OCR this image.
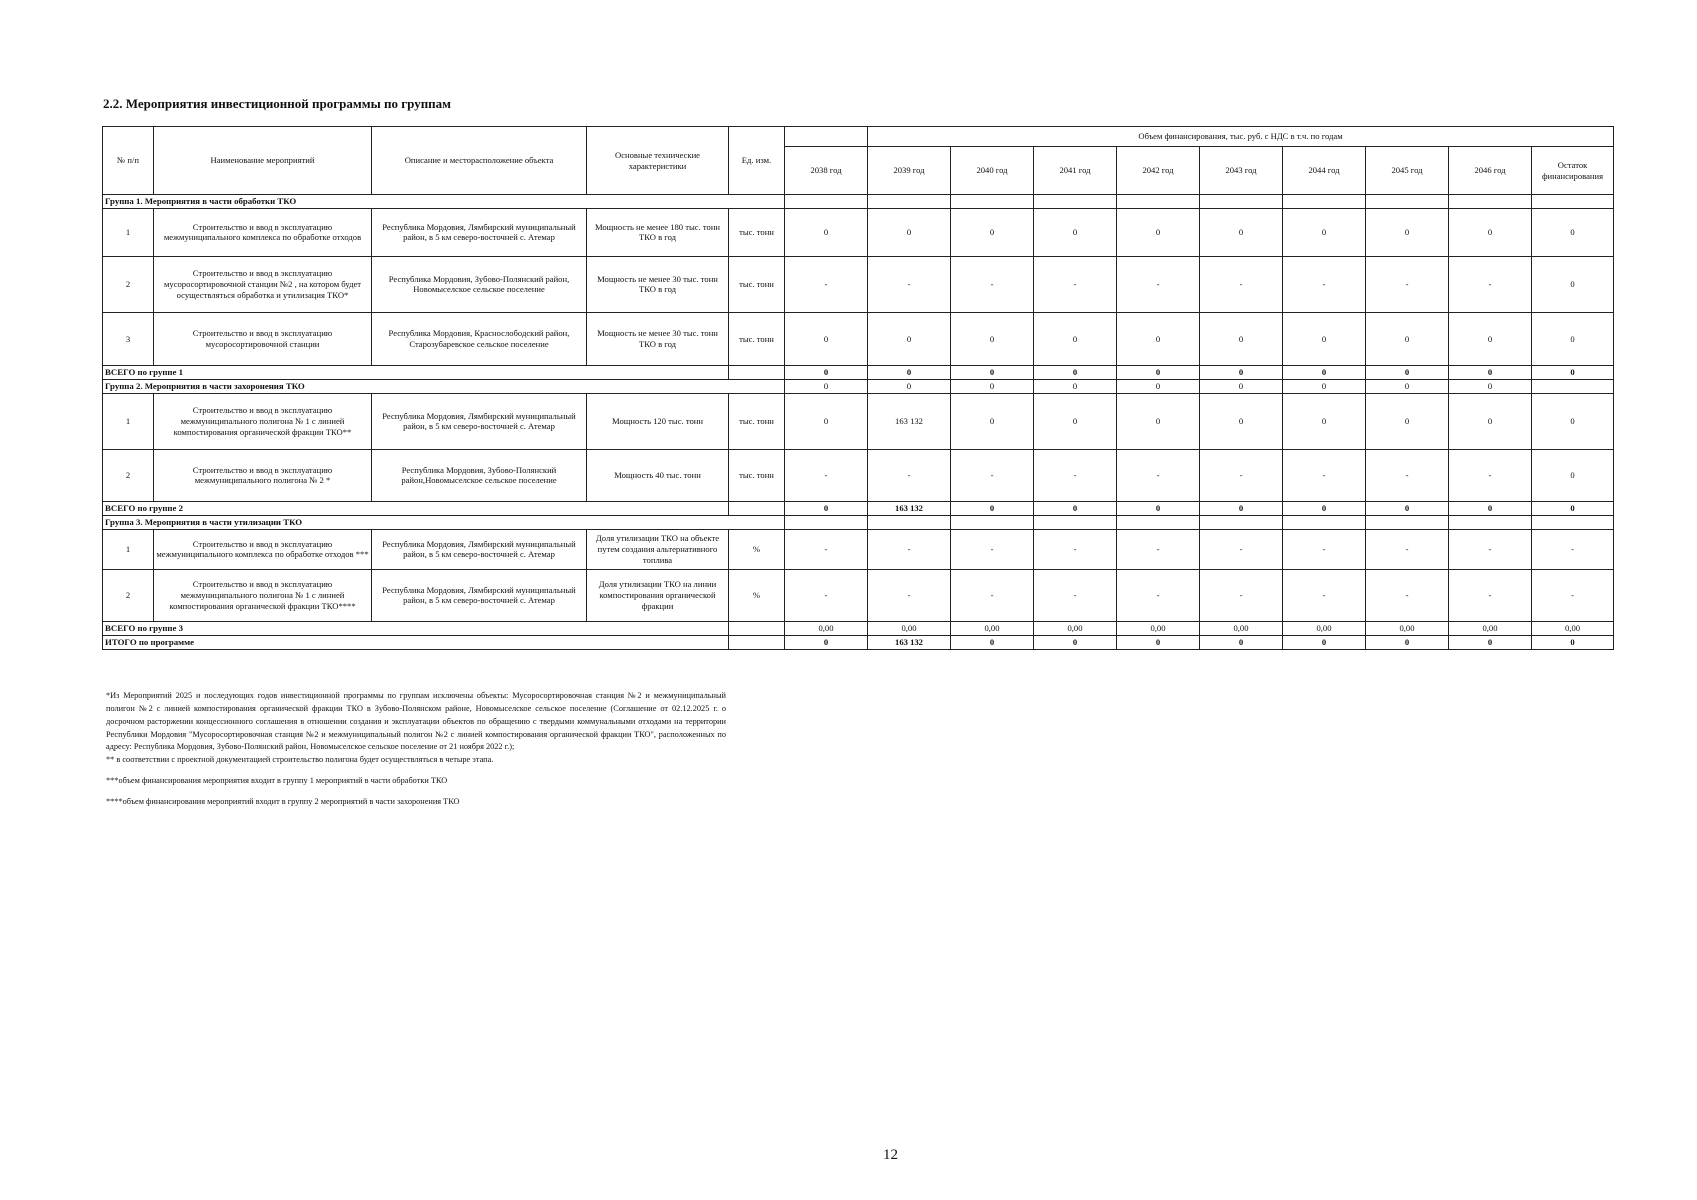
2.2. Мероприятия инвестиционной программы по группам
№ п/п	Наименование мероприятий	Описание и месторасположение объекта	Основные технические характеристики	Ед. изм.		Объем финансирования, тыс. руб. с НДС в т.ч. по годам								
					2038 год	2039 год	2040 год	2041 год	2042 год	2043 год	2044 год	2045 год	2046 год	Остаток финансирования
Группа 1. Мероприятия в части обработки ТКО														
1	Строительство и ввод в эксплуатацию межмуниципального комплекса по обработке отходов	Республика Мордовия, Лямбирский муниципальный район, в 5 км северо-восточней с. Атемар	Мощность не менее 180 тыс. тонн ТКО в год	тыс. тонн	0	0	0	0	0	0	0	0	0	0
2	Строительство и ввод в эксплуатацию мусоросортировочной станции №2 , на котором будет осуществляться обработка и утилизация ТКО*	Республика Мордовия, Зубово-Полянский район, Новомыселское сельское поселение	Мощность не менее 30 тыс. тонн ТКО в год	тыс. тонн	-	-	-	-	-	-	-	-	-	0
3	Строительство и ввод в эксплуатацию мусоросортировочной станции	Республика Мордовия, Краснослободский район, Старозубаревское сельское поселение	Мощность не менее 30 тыс. тонн ТКО в год	тыс. тонн	0	0	0	0	0	0	0	0	0	0
ВСЕГО по группе 1					0	0	0	0	0	0	0	0	0	0
Группа 2. Мероприятия в части захоронения ТКО					0	0	0	0	0	0	0	0	0	
1	Строительство и ввод в эксплуатацию межмуниципального полигона № 1 с линией компостирования органической фракции ТКО**	Республика Мордовия, Лямбирский муниципальный район, в 5 км северо-восточней с. Атемар	Мощность 120 тыс. тонн	тыс. тонн	0	163 132	0	0	0	0	0	0	0	0
2	Строительство и ввод в эксплуатацию межмуниципального полигона № 2 *	Республика Мордовия, Зубово-Полянский район,Новомыселское сельское поселение	Мощность 40 тыс. тонн	тыс. тонн	-	-	-	-	-	-	-	-	-	0
ВСЕГО по группе 2					0	163 132	0	0	0	0	0	0	0	0
Группа 3. Мероприятия в части утилизации ТКО														
1	Строительство и ввод в эксплуатацию межмуниципального комплекса по обработке отходов ***	Республика Мордовия, Лямбирский муниципальный район, в 5 км северо-восточней с. Атемар	Доля утилизации ТКО на объекте путем создания альтернативного топлива	%	-	-	-	-	-	-	-	-	-	-
2	Строительство и ввод в эксплуатацию межмуниципального полигона № 1 с линией компостирования органической фракции ТКО****	Республика Мордовия, Лямбирский муниципальный район, в 5 км северо-восточней с. Атемар	Доля утилизации ТКО на линии компостирования органической фракции	%	-	-	-	-	-	-	-	-	-	-
ВСЕГО по группе 3					0,00	0,00	0,00	0,00	0,00	0,00	0,00	0,00	0,00	0,00
ИТОГО по программе					0	163 132	0	0	0	0	0	0	0	0

*Из Мероприятий 2025 и последующих годов инвестиционной программы по группам исключены объекты: Мусоросортировочная станция №2 и межмуниципальный полигон №2 с линией компостирования органической фракции ТКО в Зубово-Полянском районе, Новомыселское сельское поселение (Соглашение от 02.12.2025 г. о досрочном расторжении концессионного соглашения в отношении создания и эксплуатации объектов по обращению с твердыми коммунальными отходами на территории Республики Мордовия "Мусоросортировочная станция №2 и межмуниципальный полигон №2 с линией компостирования органической фракции ТКО", расположенных по адресу: Республика Мордовия, Зубово-Полянский район, Новомыселское сельское поселение от 21 ноября 2022 г.);

** в соответствии с проектной документацией строительство полигона будет осуществляться в четыре этапа.

***объем финансирования мероприятия входит в группу 1 мероприятий в части обработки ТКО

****объем финансирования мероприятий входит в группу 2 мероприятий в части захоронения ТКО

12
